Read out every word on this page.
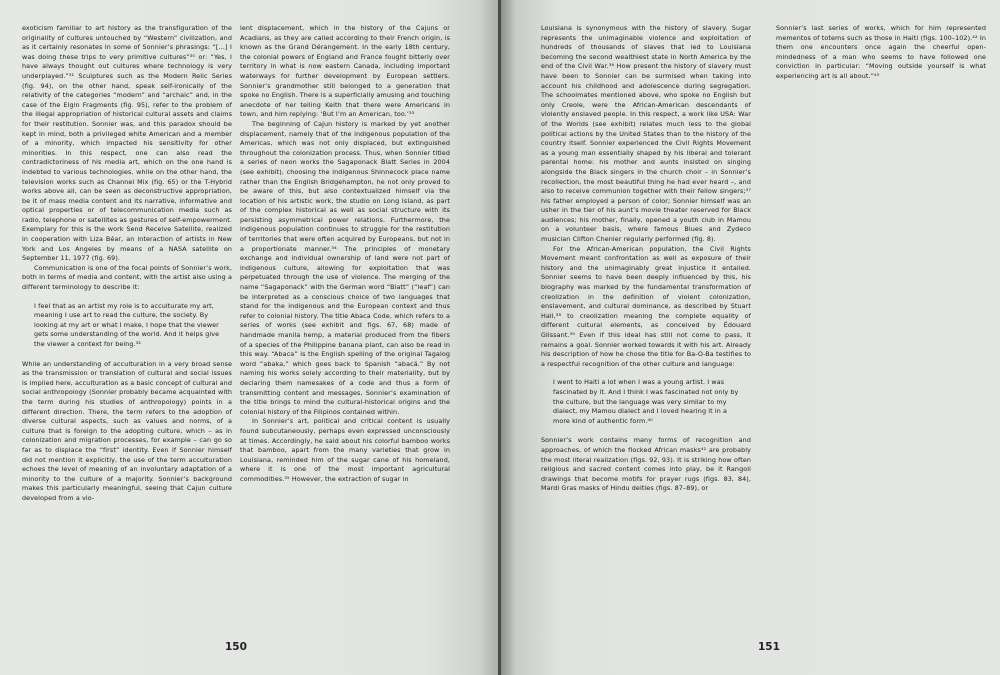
exoticism familiar to art history as the transfiguration of the originality of cultures untouched by “Western” civilization, and as it certainly resonates in some of Sonnier’s phrasings: “[…] I was doing these trips to very primitive cultures”³⁰ or: “Yes, I have always thought out cultures where technology is very underplayed.”³¹ Sculptures such as the Modern Relic Series (fig. 94), on the other hand, speak self-ironically of the relativity of the categories “modern” and “archaic” and, in the case of the Elgin Fragments (fig. 95), refer to the problem of the illegal appropriation of historical cultural assets and claims for their restitution. Sonnier was, and this paradox should be kept in mind, both a privileged white American and a member of a minority, which impacted his sensitivity for other minorities. In this respect, one can also read the contradictoriness of his media art, which on the one hand is indebted to various technologies, while on the other hand, the television works such as Channel Mix (fig. 65) or the T-Hybrid works above all, can be seen as deconstructive appropriation, be it of mass media content and its narrative, informative and optical properties or of telecommunication media such as radio, telephone or satellites as gestures of self-empowerment. Exemplary for this is the work Send Receive Satellite, realized in cooperation with Liza Béar, an interaction of artists in New York and Los Angeles by means of a NASA satellite on September 11, 1977 (fig. 69).

Communication is one of the focal points of Sonnier’s work, both in terms of media and content, with the artist also using a different terminology to describe it:

I feel that as an artist my role is to acculturate my art, meaning I use art to read the culture, the society. By looking at my art or what I make, I hope that the viewer gets some understanding of the world. And it helps give the viewer a context for being.³²

While an understanding of acculturation in a very broad sense as the transmission or translation of cultural and social issues is implied here, acculturation as a basic concept of cultural and social anthropology (Sonnier probably became acquainted with the term during his studies of anthropology) points in a different direction. There, the term refers to the adoption of diverse cultural aspects, such as values and norms, of a culture that is foreign to the adopting culture, which – as in colonization and migration processes, for example – can go so far as to displace the “first” identity. Even if Sonnier himself did not mention it explicitly, the use of the term acculturation echoes the level of meaning of an involuntary adaptation of a minority to the culture of a majority. Sonnier’s background makes this particularly meaningful, seeing that Cajun culture developed from a vio-

lent displacement, which in the history of the Cajuns or Acadians, as they are called according to their French origin, is known as the Grand Dérangement. In the early 18th century, the colonial powers of England and France fought bitterly over territory in what is now eastern Canada, including important waterways for further development by European settlers. Sonnier’s grandmother still belonged to a generation that spoke no English. There is a superficially amusing and touching anecdote of her telling Keith that there were Americans in town, and him replying: ‘But I’m an American, too.’³³

The beginning of Cajun history is marked by yet another displacement, namely that of the indigenous population of the Americas, which was not only displaced, but extinguished throughout the colonization process. Thus, when Sonnier titled a series of neon works the Sagaponack Blatt Series in 2004 (see exhibit), choosing the indigenous Shinnecock place name rather than the English Bridgehampton, he not only proved to be aware of this, but also contextualized himself via the location of his artistic work, the studio on Long Island, as part of the complex historical as well as social structure with its persisting asymmetrical power relations. Furthermore, the indigenous population continues to struggle for the restitution of territories that were often acquired by Europeans, but not in a proportionate manner.³⁴ The principles of monetary exchange and individual ownership of land were not part of indigenous culture, allowing for exploitation that was perpetuated through the use of violence. The merging of the name “Sagaponack” with the German word “Blatt” (“leaf”) can be interpreted as a conscious choice of two languages that stand for the indigenous and the European context and thus refer to colonial history. The title Abaca Code, which refers to a series of works (see exhibit and figs. 67, 68) made of handmade manila hemp, a material produced from the fibers of a species of the Philippine banana plant, can also be read in this way. “Abaca” is the English spelling of the original Tagalog word “abaka,” which goes back to Spanish “abacá.” By not naming his works solely according to their materiality, but by declaring them namesakes of a code and thus a form of transmitting content and messages, Sonnier’s examination of the title brings to mind the cultural-historical origins and the colonial history of the Filipinos contained within.

In Sonnier’s art, political and critical content is usually found subcutaneously, perhaps even expressed unconsciously at times. Accordingly, he said about his colorful bamboo works that bamboo, apart from the many varieties that grow in Louisiana, reminded him of the sugar cane of his homeland, where it is one of the most important agricultural commodities.³⁵ However, the extraction of sugar in

150

Louisiana is synonymous with the history of slavery. Sugar represents the unimaginable violence and exploitation of hundreds of thousands of slaves that led to Louisiana becoming the second wealthiest state in North America by the end of the Civil War.³⁶ How present the history of slavery must have been to Sonnier can be surmised when taking into account his childhood and adolescence during segregation. The schoolmates mentioned above, who spoke no English but only Creole, were the African-American descendants of violently enslaved people. In this respect, a work like USA: War of the Worlds (see exhibit) relates much less to the global political actions by the United States than to the history of the country itself. Sonnier experienced the Civil Rights Movement as a young man essentially shaped by his liberal and tolerant parental home: his mother and aunts insisted on singing alongside the Black singers in the church choir – in Sonnier’s recollection, the most beautiful thing he had ever heard –, and also to receive communion together with their fellow singers;³⁷ his father employed a person of color; Sonnier himself was an usher in the tier of his aunt’s movie theater reserved for Black audiences; his mother, finally, opened a youth club in Mamou on a volunteer basis, where famous Blues and Zydeco musician Clifton Chenier regularly performed (fig. 8).

For the African-American population, the Civil Rights Movement meant confrontation as well as exposure of their history and the unimaginably great injustice it entailed. Sonnier seems to have been deeply influenced by this, his biography was marked by the fundamental transformation of creolization in the definition of violent colonization, enslavement, and cultural dominance, as described by Stuart Hall,³⁸ to creolization meaning the complete equality of different cultural elements, as conceived by Édouard Glissant.³⁹ Even if this ideal has still not come to pass, it remains a goal. Sonnier worked towards it with his art. Already his description of how he chose the title for Ba-O-Ba testifies to a respectful recognition of the other culture and language:

I went to Haiti a lot when I was a young artist. I was fascinated by it. And I think I was fascinated not only by the culture, but the language was very similar to my dialect, my Mamou dialect and I loved hearing it in a more kind of authentic form.⁴⁰

Sonnier’s work contains many forms of recognition and approaches, of which the flocked African masks⁴¹ are probably the most literal realization (figs. 92, 93). It is striking how often religious and sacred content comes into play, be it Rangoli drawings that become motifs for prayer rugs (figs. 83, 84), Mardi Gras masks of Hindu deities (figs. 87–89), or

Sonnier’s last series of works, which for him represented mementos of totems such as those in Haiti (figs. 100–102).⁴² In them one encounters once again the cheerful open-mindedness of a man who seems to have followed one conviction in particular: “Moving outside yourself is what experiencing art is all about.”⁴³

151
